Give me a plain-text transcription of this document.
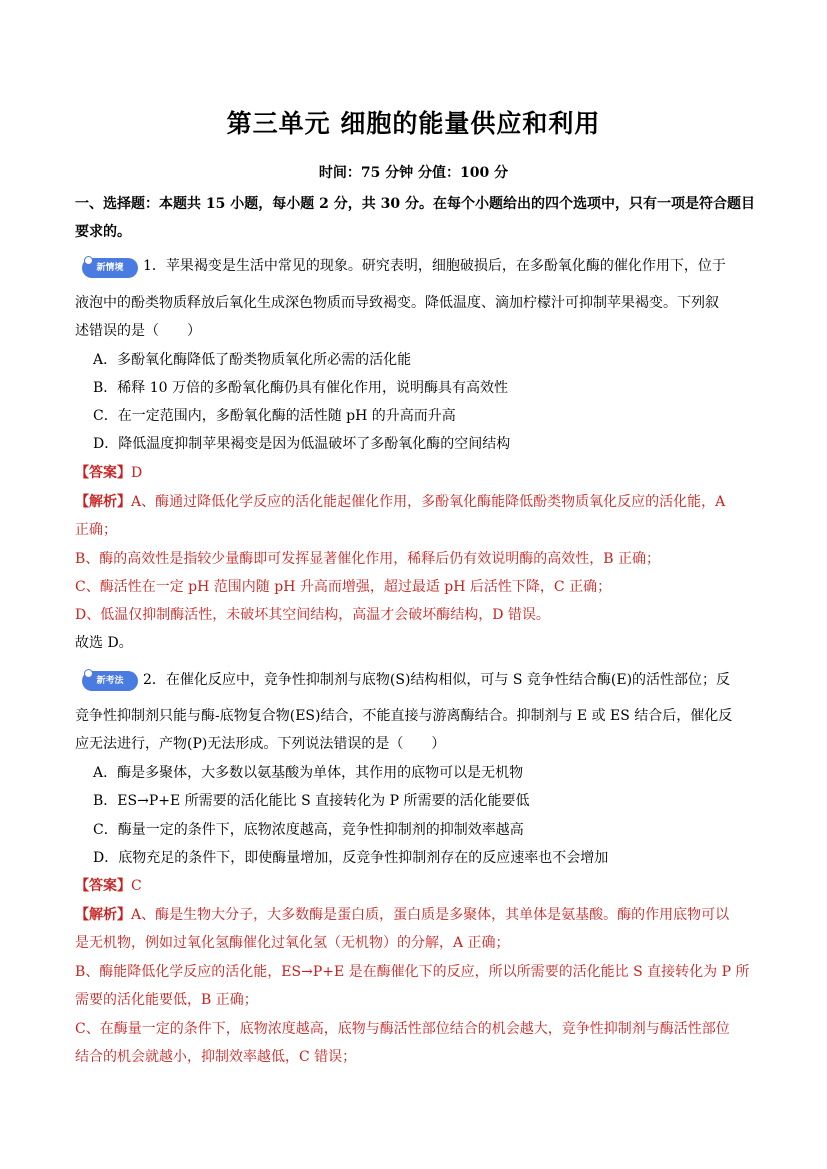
第三单元 细胞的能量供应和利用
时间：75 分钟 分值：100 分
一、选择题：本题共 15 小题，每小题 2 分，共 30 分。在每个小题给出的四个选项中，只有一项是符合题目要求的。
新情境	1．苹果褐变是生活中常见的现象。研究表明，细胞破损后，在多酚氧化酶的催化作用下，位于
液泡中的酚类物质释放后氧化生成深色物质而导致褐变。降低温度、滴加柠檬汁可抑制苹果褐变。下列叙
述错误的是（　　）
A．多酚氧化酶降低了酚类物质氧化所必需的活化能
B．稀释 10 万倍的多酚氧化酶仍具有催化作用，说明酶具有高效性
C．在一定范围内，多酚氧化酶的活性随 pH 的升高而升高
D．降低温度抑制苹果褐变是因为低温破坏了多酚氧化酶的空间结构
【答案】D
【解析】A、酶通过降低化学反应的活化能起催化作用，多酚氧化酶能降低酚类物质氧化反应的活化能，A
正确；
B、酶的高效性是指较少量酶即可发挥显著催化作用，稀释后仍有效说明酶的高效性，B 正确；
C、酶活性在一定 pH 范围内随 pH 升高而增强，超过最适 pH 后活性下降，C 正确；
D、低温仅抑制酶活性，未破坏其空间结构，高温才会破坏酶结构，D 错误。
故选 D。
新考法	2．在催化反应中，竞争性抑制剂与底物(S)结构相似，可与 S 竞争性结合酶(E)的活性部位；反
竞争性抑制剂只能与酶-底物复合物(ES)结合，不能直接与游离酶结合。抑制剂与 E 或 ES 结合后，催化反
应无法进行，产物(P)无法形成。下列说法错误的是（　　）
A．酶是多聚体，大多数以氨基酸为单体，其作用的底物可以是无机物
B．ES→P+E 所需要的活化能比 S 直接转化为 P 所需要的活化能要低
C．酶量一定的条件下，底物浓度越高，竞争性抑制剂的抑制效率越高
D．底物充足的条件下，即使酶量增加，反竞争性抑制剂存在的反应速率也不会增加
【答案】C
【解析】A、酶是生物大分子，大多数酶是蛋白质，蛋白质是多聚体，其单体是氨基酸。酶的作用底物可以
是无机物，例如过氧化氢酶催化过氧化氢（无机物）的分解，A 正确；
B、酶能降低化学反应的活化能，ES→P+E 是在酶催化下的反应，所以所需要的活化能比 S 直接转化为 P 所
需要的活化能要低，B 正确；
C、在酶量一定的条件下，底物浓度越高，底物与酶活性部位结合的机会越大，竞争性抑制剂与酶活性部位
结合的机会就越小，抑制效率越低，C 错误；
